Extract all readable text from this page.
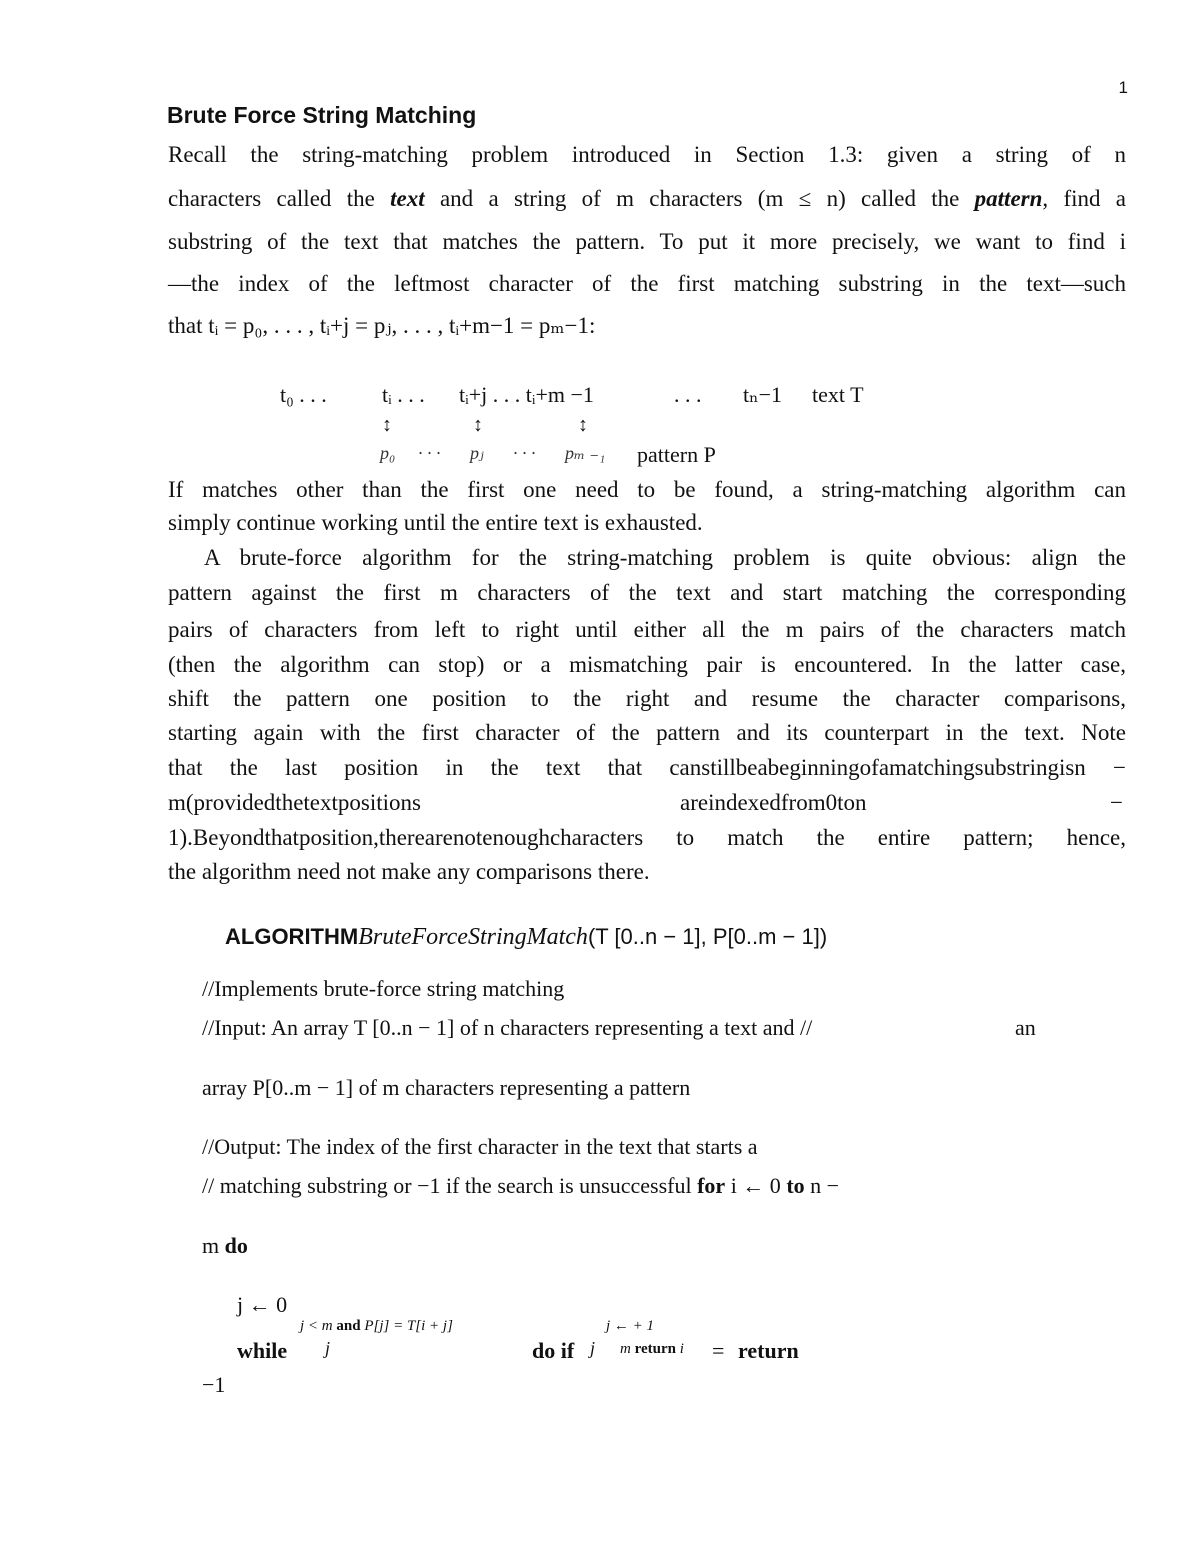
1
Brute Force String Matching
Recall the string-matching problem introduced in Section 1.3: given a string of n
characters called the text and a string of m characters (m ≤ n) called the pattern, find a
substring of the text that matches the pattern. To put it more precisely, we want to find i
—the index of the leftmost character of the first matching substring in the text—such
that tᵢ = p₀, . . . , tᵢ+j = pⱼ, . . . , tᵢ+m−1 = pₘ−1:
t₀ . . .	tᵢ . . . tᵢ+j . . . tᵢ+m −1	. . . tₙ−1 text T
↕	↕	↕
p₀ · · · pⱼ · · · pₘ ₋₁ pattern P
If matches other than the first one need to be found, a string-matching algorithm can
simply continue working until the entire text is exhausted.
A brute-force algorithm for the string-matching problem is quite obvious: align the
pattern against the first m characters of the text and start matching the corresponding
pairs of characters from left to right until either all the m pairs of the characters match
(then the algorithm can stop) or a mismatching pair is encountered. In the latter case,
shift the pattern one position to the right and resume the character comparisons,
starting again with the first character of the pattern and its counterpart in the text. Note
that the last position in the text that canstillbeabeginningofamatchingsubstringisn −
m(providedthetextpositions	areindexedfrom0ton	−
1).Beyondthatposition,therearenotenoughcharacters to match the entire pattern; hence,
the algorithm need not make any comparisons there.
ALGORITHMBruteForceStringMatch(T [0..n − 1], P[0..m − 1])
//Implements brute-force string matching
//Input: An array T [0..n − 1] of n characters representing a text and //	an
array P[0..m − 1] of m characters representing a pattern
//Output: The index of the first character in the text that starts a
// matching substring or −1 if the search is unsuccessful for i ← 0 to n −
m do
j ← 0
j < m and P[j] = T[i + j]	j ← + 1
while j	do if j m return i = return
−1
